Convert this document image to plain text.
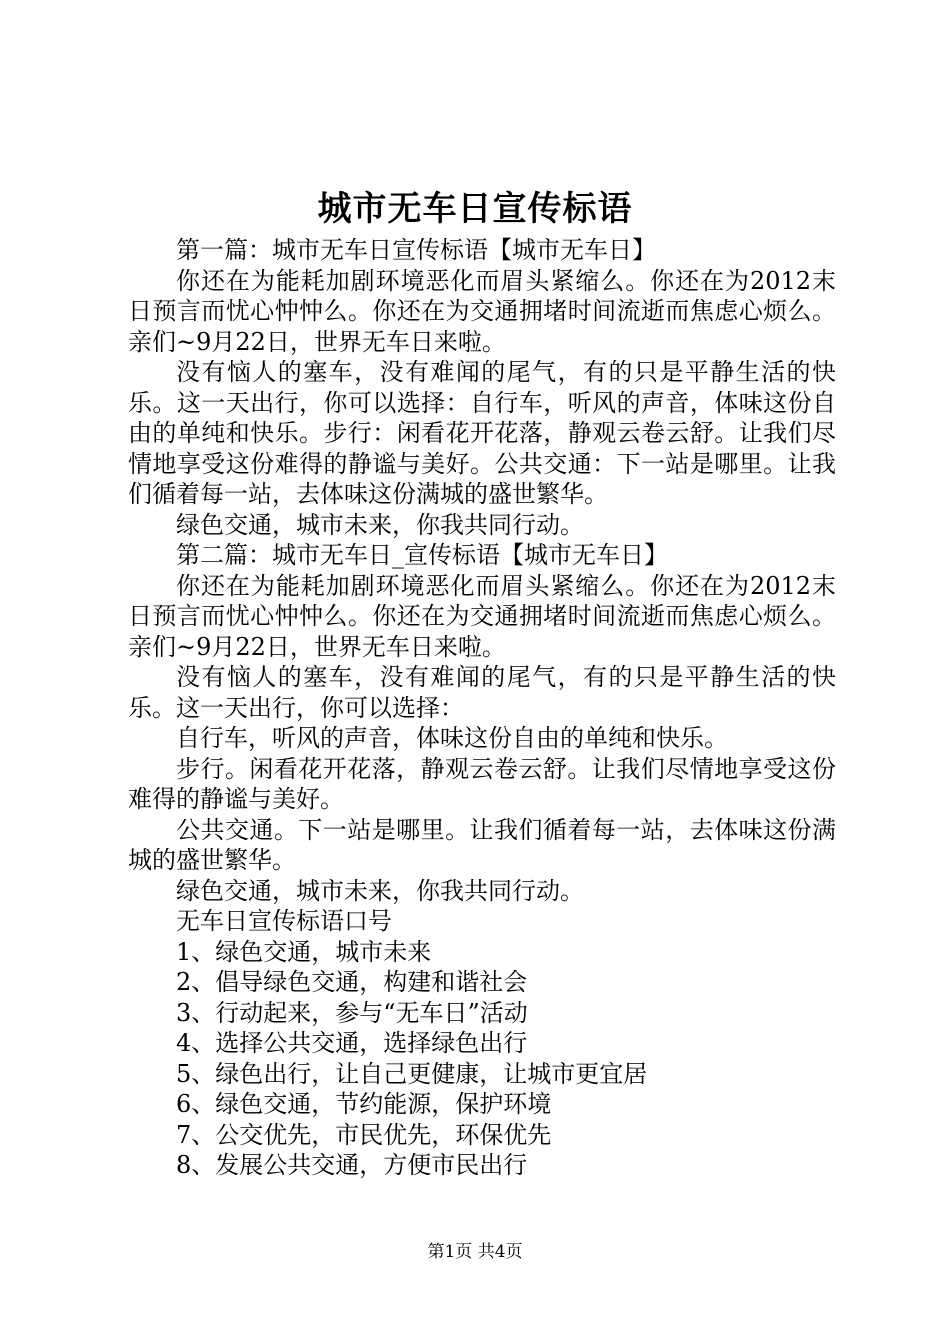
城市无车日宣传标语

第一篇：城市无车日宣传标语【城市无车日】

你还在为能耗加剧环境恶化而眉头紧缩么。你还在为2012末日预言而忧心忡忡么。你还在为交通拥堵时间流逝而焦虑心烦么。亲们~9月22日，世界无车日来啦。

没有恼人的塞车，没有难闻的尾气，有的只是平静生活的快乐。这一天出行，你可以选择：自行车，听风的声音，体味这份自由的单纯和快乐。步行：闲看花开花落，静观云卷云舒。让我们尽情地享受这份难得的静谧与美好。公共交通：下一站是哪里。让我们循着每一站，去体味这份满城的盛世繁华。

绿色交通，城市未来，你我共同行动。

第二篇：城市无车日_宣传标语【城市无车日】

你还在为能耗加剧环境恶化而眉头紧缩么。你还在为2012末日预言而忧心忡忡么。你还在为交通拥堵时间流逝而焦虑心烦么。亲们~9月22日，世界无车日来啦。

没有恼人的塞车，没有难闻的尾气，有的只是平静生活的快乐。这一天出行，你可以选择：

自行车，听风的声音，体味这份自由的单纯和快乐。

步行。闲看花开花落，静观云卷云舒。让我们尽情地享受这份难得的静谧与美好。

公共交通。下一站是哪里。让我们循着每一站，去体味这份满城的盛世繁华。

绿色交通，城市未来，你我共同行动。

无车日宣传标语口号

1、绿色交通，城市未来

2、倡导绿色交通，构建和谐社会

3、行动起来，参与“无车日”活动

4、选择公共交通，选择绿色出行

5、绿色出行，让自己更健康，让城市更宜居

6、绿色交通，节约能源，保护环境

7、公交优先，市民优先，环保优先

8、发展公共交通，方便市民出行

第1页 共4页
